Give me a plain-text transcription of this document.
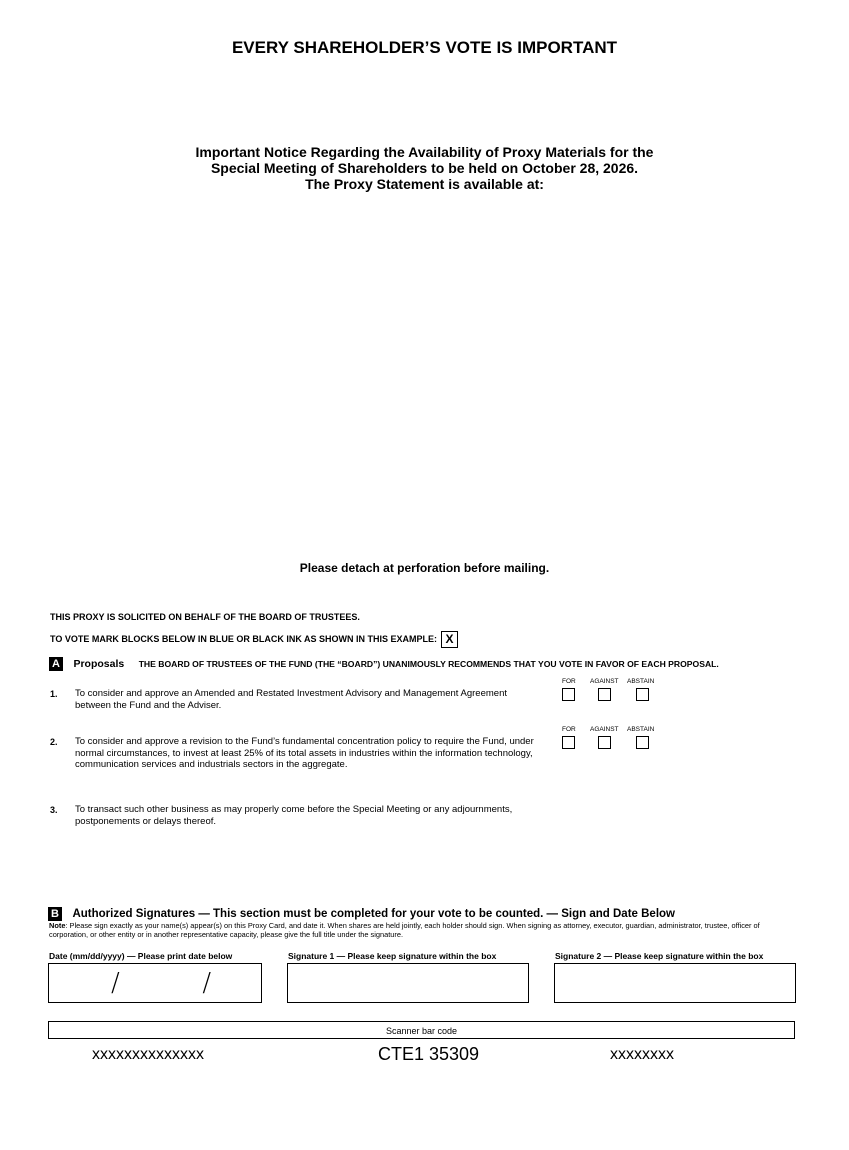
EVERY SHAREHOLDER’S VOTE IS IMPORTANT
Important Notice Regarding the Availability of Proxy Materials for the
Special Meeting of Shareholders to be held on October 28, 2026.
The Proxy Statement is available at:
Please detach at perforation before mailing.
THIS PROXY IS SOLICITED ON BEHALF OF THE BOARD OF TRUSTEES.
TO VOTE MARK BLOCKS BELOW IN BLUE OR BLACK INK AS SHOWN IN THIS EXAMPLE: X
A Proposals THE BOARD OF TRUSTEES OF THE FUND (THE “BOARD”) UNANIMOUSLY RECOMMENDS THAT YOU VOTE IN FAVOR OF EACH PROPOSAL.
1. To consider and approve an Amended and Restated Investment Advisory and Management Agreement between the Fund and the Adviser.
FOR AGAINST ABSTAIN
2. To consider and approve a revision to the Fund’s fundamental concentration policy to require the Fund, under normal circumstances, to invest at least 25% of its total assets in industries within the information technology, communication services and industrials sectors in the aggregate.
FOR AGAINST ABSTAIN
3. To transact such other business as may properly come before the Special Meeting or any adjournments, postponements or delays thereof.
B Authorized Signatures — This section must be completed for your vote to be counted. — Sign and Date Below
Note: Please sign exactly as your name(s) appear(s) on this Proxy Card, and date it. When shares are held jointly, each holder should sign. When signing as attorney, executor, guardian, administrator, trustee, officer of corporation, or other entity or in another representative capacity, please give the full title under the signature.
Date (mm/dd/yyyy) — Please print date below	Signature 1 — Please keep signature within the box	Signature 2 — Please keep signature within the box
/          /
Scanner bar code
xxxxxxxxxxxxxx	CTE1 35309	xxxxxxxx
